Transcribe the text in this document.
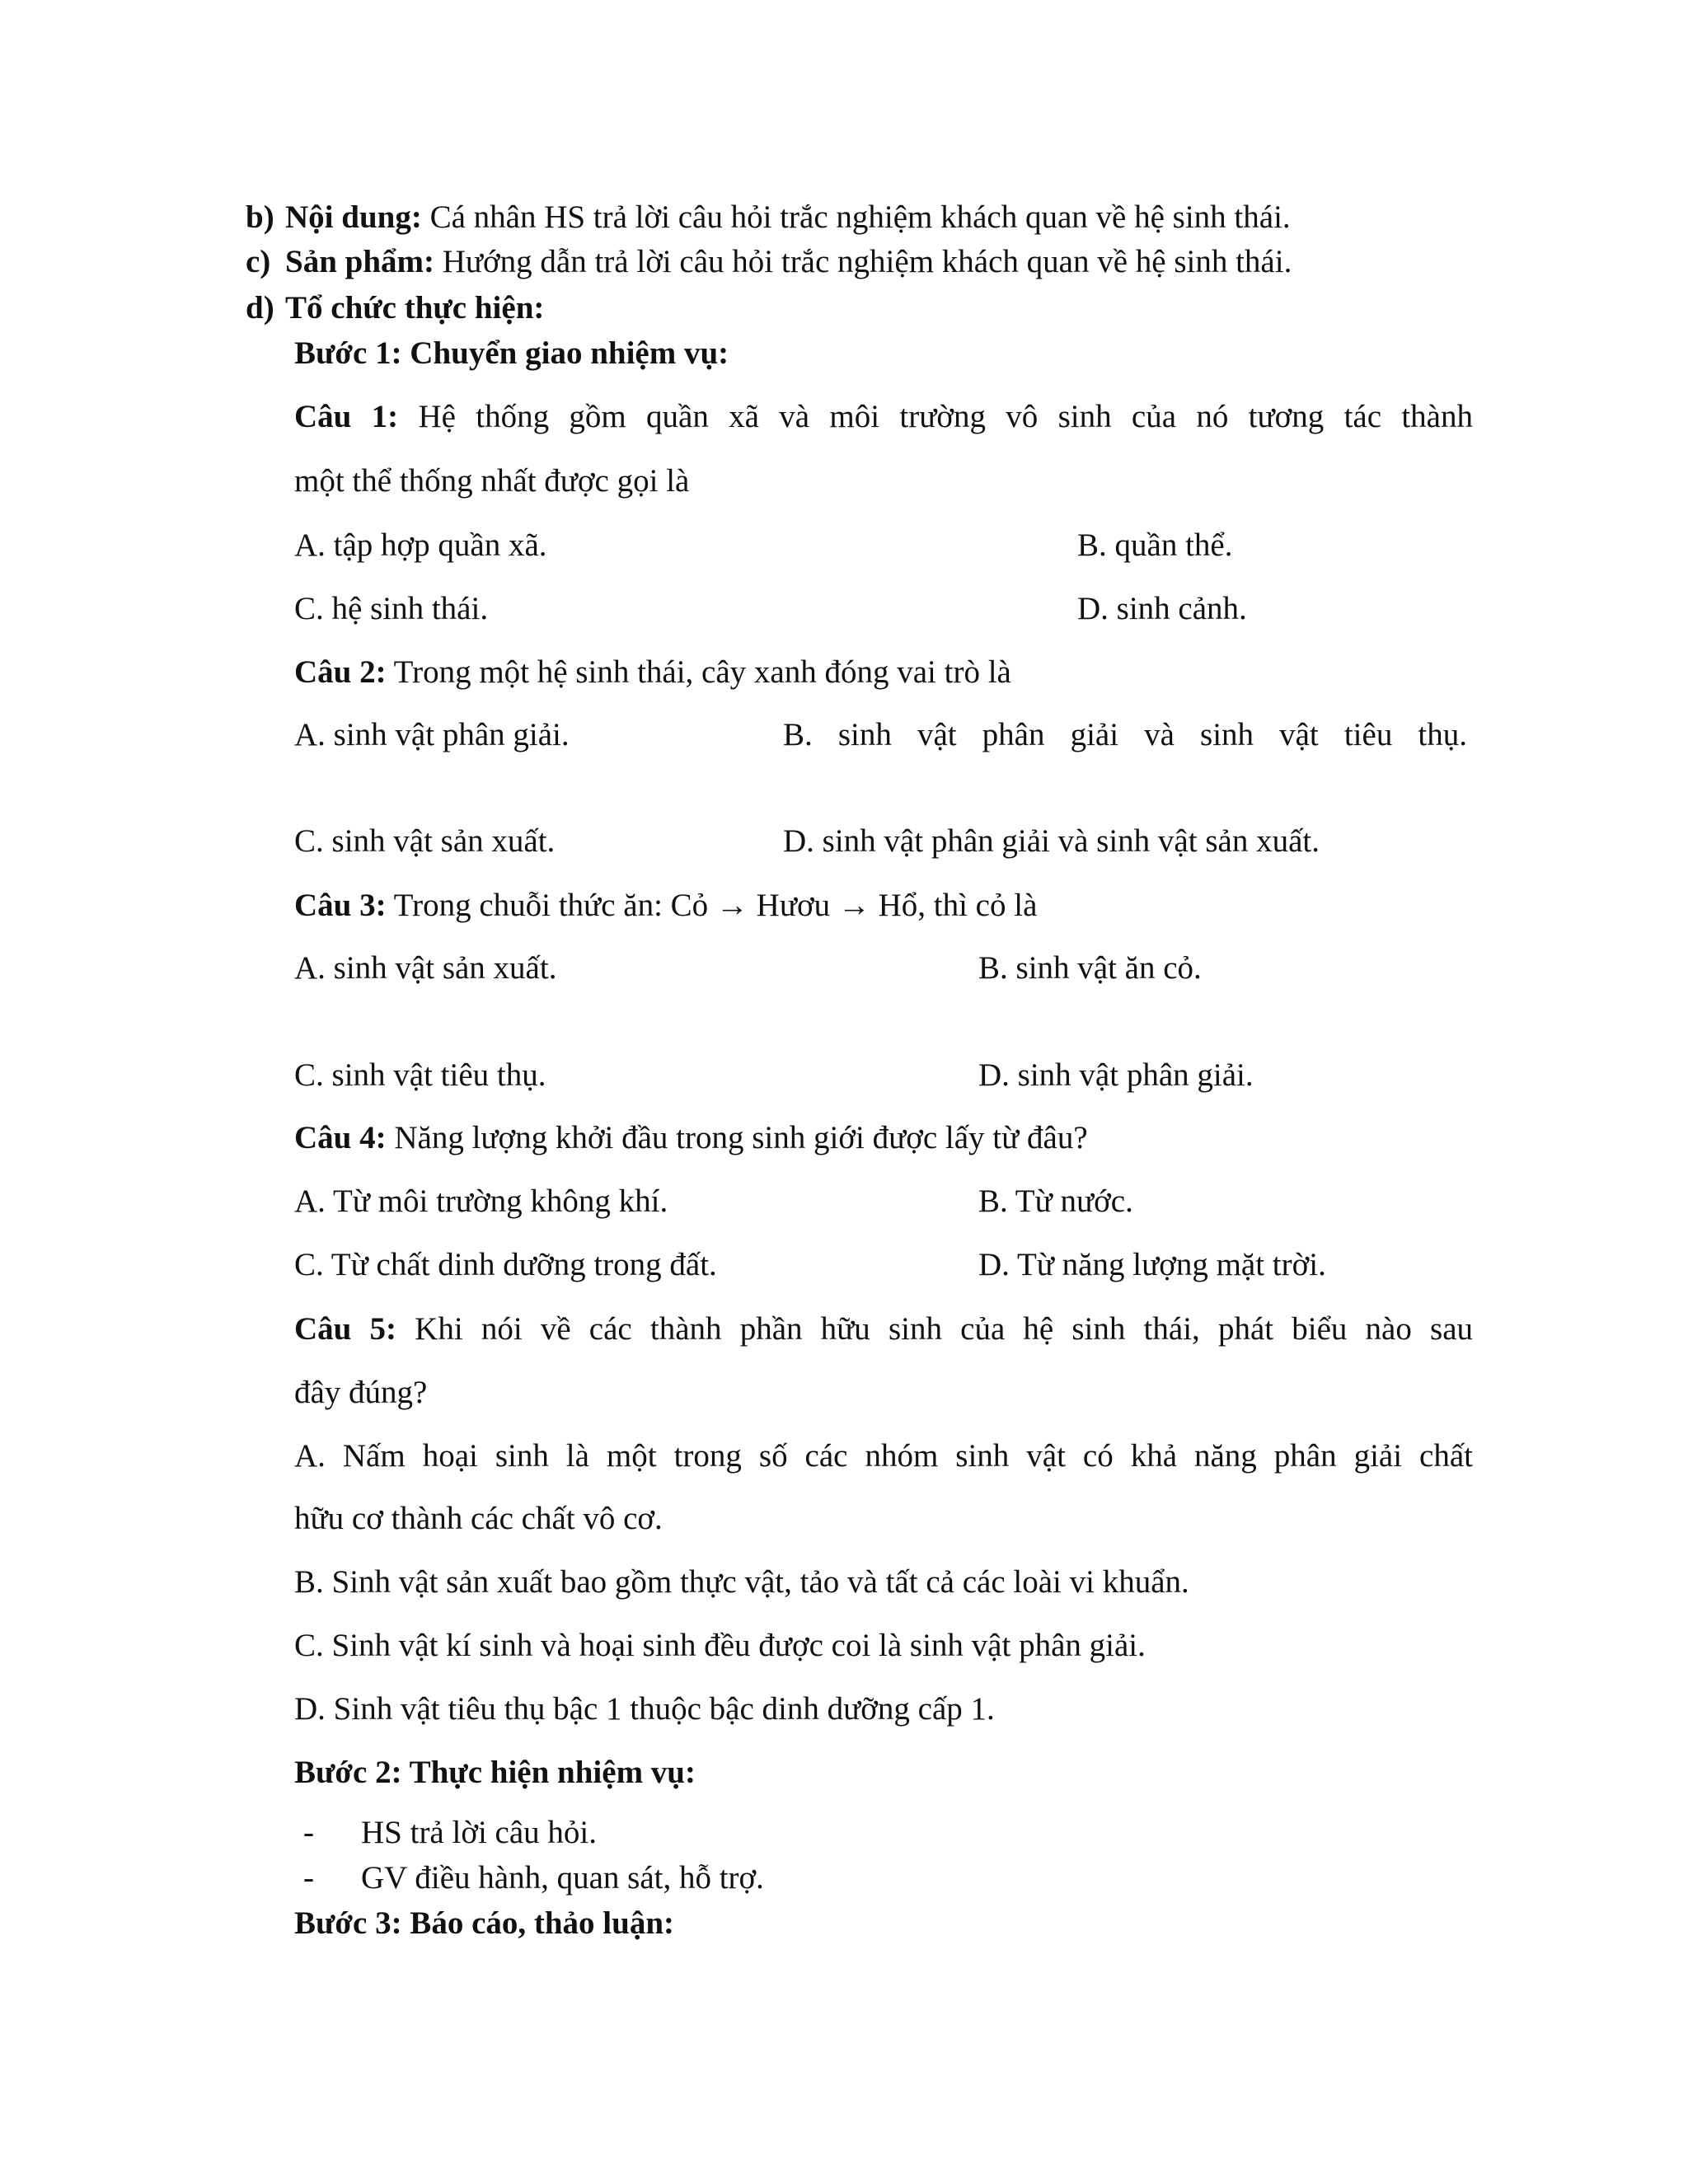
b) Nội dung: Cá nhân HS trả lời câu hỏi trắc nghiệm khách quan về hệ sinh thái.
c) Sản phẩm: Hướng dẫn trả lời câu hỏi trắc nghiệm khách quan về hệ sinh thái.
d) Tổ chức thực hiện:
Bước 1: Chuyển giao nhiệm vụ:
Câu 1: Hệ thống gồm quần xã và môi trường vô sinh của nó tương tác thành
một thể thống nhất được gọi là
A. tập hợp quần xã.	B. quần thể.
C. hệ sinh thái.	D. sinh cảnh.
Câu 2: Trong một hệ sinh thái, cây xanh đóng vai trò là
A. sinh vật phân giải.	B. sinh vật phân giải và sinh vật tiêu thụ.
C. sinh vật sản xuất.	D. sinh vật phân giải và sinh vật sản xuất.
Câu 3: Trong chuỗi thức ăn: Cỏ → Hươu → Hổ, thì cỏ là
A. sinh vật sản xuất.	B. sinh vật ăn cỏ.
C. sinh vật tiêu thụ.	D. sinh vật phân giải.
Câu 4: Năng lượng khởi đầu trong sinh giới được lấy từ đâu?
A. Từ môi trường không khí.	B. Từ nước.
C. Từ chất dinh dưỡng trong đất.	D. Từ năng lượng mặt trời.
Câu 5: Khi nói về các thành phần hữu sinh của hệ sinh thái, phát biểu nào sau
đây đúng?
A. Nấm hoại sinh là một trong số các nhóm sinh vật có khả năng phân giải chất
hữu cơ thành các chất vô cơ.
B. Sinh vật sản xuất bao gồm thực vật, tảo và tất cả các loài vi khuẩn.
C. Sinh vật kí sinh và hoại sinh đều được coi là sinh vật phân giải.
D. Sinh vật tiêu thụ bậc 1 thuộc bậc dinh dưỡng cấp 1.
Bước 2: Thực hiện nhiệm vụ:
- HS trả lời câu hỏi.
- GV điều hành, quan sát, hỗ trợ.
Bước 3: Báo cáo, thảo luận:
